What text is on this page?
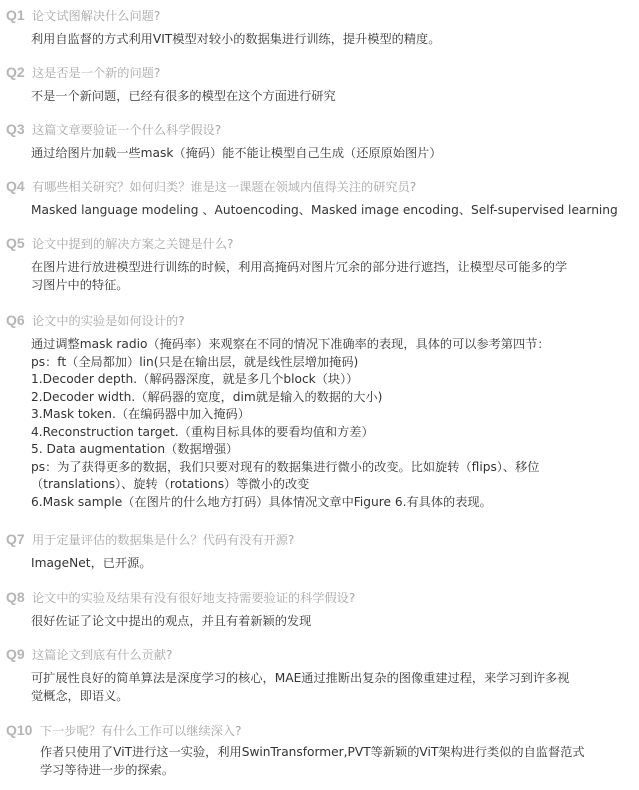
Q1 论文试图解决什么问题?
利用自监督的方式利用VIT模型对较小的数据集进行训练，提升模型的精度。
Q2 这是否是一个新的问题?
不是一个新问题，已经有很多的模型在这个方面进行研究
Q3 这篇文章要验证一个什么科学假设?
通过给图片加载一些mask（掩码）能不能让模型自己生成（还原原始图片）
Q4 有哪些相关研究？如何归类？谁是这一课题在领域内值得关注的研究员?
Masked language modeling 、Autoencoding、Masked image encoding、Self-supervised learning
Q5 论文中提到的解决方案之关键是什么?
在图片进行放进模型进行训练的时候，利用高掩码对图片冗余的部分进行遮挡，让模型尽可能多的学
习图片中的特征。
Q6 论文中的实验是如何设计的?
通过调整mask radio（掩码率）来观察在不同的情况下准确率的表现，具体的可以参考第四节：
ps：ft（全局都加）lin(只是在输出层，就是线性层增加掩码)
1.Decoder depth.（解码器深度，就是多几个block（块））
2.Decoder width.（解码器的宽度，dim就是输入的数据的大小)
3.Mask token.（在编码器中加入掩码）
4.Reconstruction target.（重构目标具体的要看均值和方差）
5. Data augmentation（数据增强）
ps：为了获得更多的数据，我们只要对现有的数据集进行微小的改变。比如旋转（flips）、移位
（translations）、旋转（rotations）等微小的改变
6.Mask sample（在图片的什么地方打码）具体情况文章中Figure 6.有具体的表现。
Q7 用于定量评估的数据集是什么？代码有没有开源?
ImageNet，已开源。
Q8 论文中的实验及结果有没有很好地支持需要验证的科学假设?
很好佐证了论文中提出的观点，并且有着新颖的发现
Q9 这篇论文到底有什么贡献?
可扩展性良好的简单算法是深度学习的核心，MAE通过推断出复杂的图像重建过程，来学习到许多视
觉概念，即语义。
Q10 下一步呢？有什么工作可以继续深入?
作者只使用了ViT进行这一实验，利用SwinTransformer,PVT等新颖的ViT架构进行类似的自监督范式
学习等待进一步的探索。
